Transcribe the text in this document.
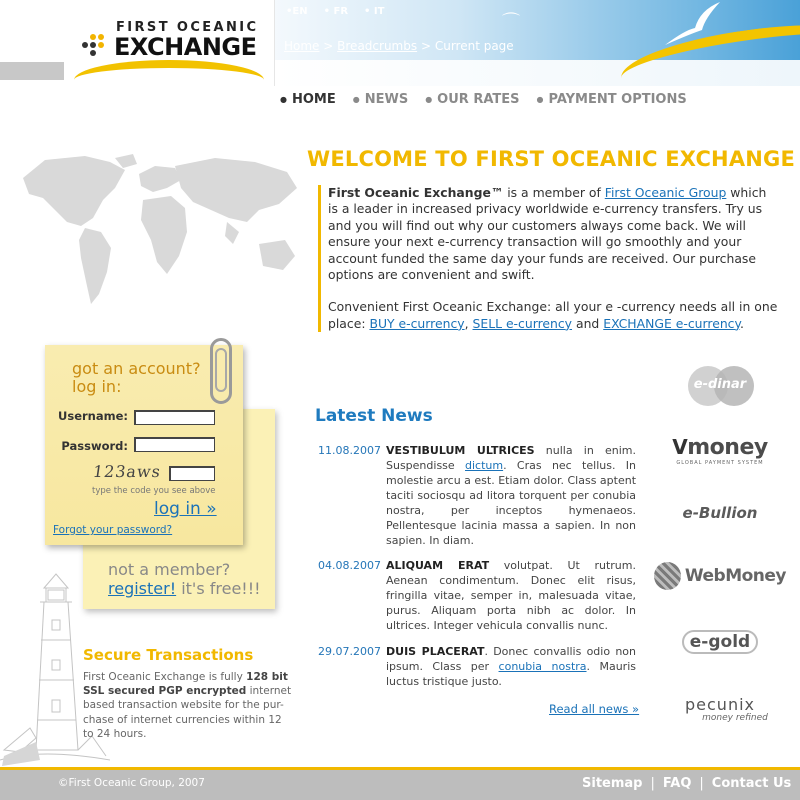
⌒
FIRST OCEANIC
EXCHANGE
•EN • FR • IT
Home > Breadcrumbs > Current page
● HOME ● NEWS ● OUR RATES ● PAYMENT OPTIONS
WELCOME TO FIRST OCEANIC EXCHANGE

First Oceanic Exchange™ is a member of First Oceanic Group which is a leader in increased privacy worldwide e-currency transfers. Try us and you will find out why our customers always come back. We will ensure your next e-currency transaction will go smoothly and your account funded the same day your funds are received. Our purchase options are convenient and swift.

Convenient First Oceanic Exchange: all your e -currency needs all in one place: BUY e-currency, SELL e-currency and EXCHANGE e-currency.

got an account?
log in:
Username:
Password:
123aws
type the code you see above
log in »
Forgot your password?
not a member?
register! it's free!!!
Secure Transactions
First Oceanic Exchange is fully 128 bit SSL secured PGP encrypted internet based transaction website for the pur-chase of internet currencies within 12 to 24 hours.
Latest News
11.08.2007 VESTIBULUM ULTRICES nulla in enim. Suspendisse dictum. Cras nec tellus. In molestie arcu a est. Etiam dolor. Class aptent taciti sociosqu ad litora torquent per conubia nostra, per inceptos hymenaeos. Pellentesque lacinia massa a sapien. In non sapien. In diam.
04.08.2007 ALIQUAM ERAT volutpat. Ut rutrum. Aenean condimentum. Donec elit risus, fringilla vitae, semper in, malesuada vitae, purus. Aliquam porta nibh ac dolor. In ultrices. Integer vehicula convallis nunc.
29.07.2007 DUIS PLACERAT. Donec convallis odio non ipsum. Class per conubia nostra. Mauris luctus tristique justo.
Read all news »
e-dinar
Vmoney
GLOBAL PAYMENT SYSTEM
e-Bullion
WebMoney
e-gold
pecunix
money refined
©First Oceanic Group, 2007	Sitemap | FAQ | Contact Us
